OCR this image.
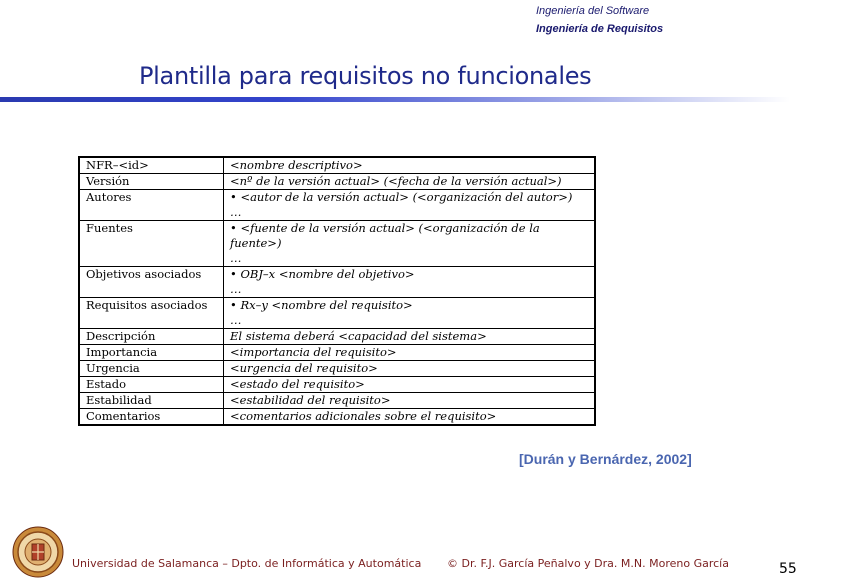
Ingeniería del Software
Ingeniería de Requisitos
Plantilla para requisitos no funcionales
NFR–<id>	<nombre descriptivo>
Versión	<nº de la versión actual> (<fecha de la versión actual>)
Autores	• <autor de la versión actual> (<organización del autor>)
…

Fuentes	• <fuente de la versión actual> (<organización de la fuente>)
…

Objetivos asociados	• OBJ–x <nombre del objetivo>
…

Requisitos asociados	• Rx–y <nombre del requisito>
…

Descripción	El sistema deberá <capacidad del sistema>
Importancia	<importancia del requisito>
Urgencia	<urgencia del requisito>
Estado	<estado del requisito>
Estabilidad	<estabilidad del requisito>
Comentarios	<comentarios adicionales sobre el requisito>
[Durán y Bernárdez, 2002]
Universidad de Salamanca – Dpto. de Informática y Automática © Dr. F.J. García Peñalvo y Dra. M.N. Moreno García	55
